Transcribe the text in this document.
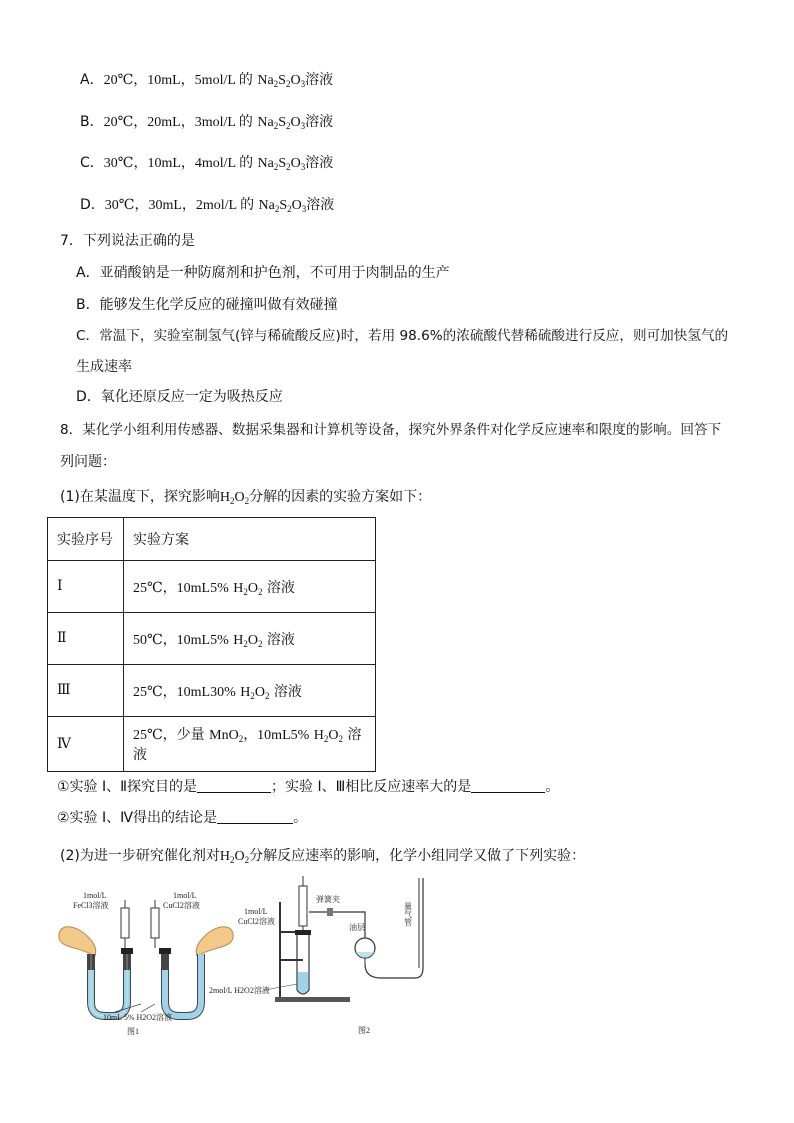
A．20℃，10mL，5mol/L 的 $Na_2S_2O_3$溶液
B．20℃，20mL，3mol/L 的 $Na_2S_2O_3$溶液
C．30℃，10mL，4mol/L 的 $Na_2S_2O_3$溶液
D．30℃，30mL，2mol/L 的 $Na_2S_2O_3$溶液
7．下列说法正确的是
A．亚硝酸钠是一种防腐剂和护色剂，不可用于肉制品的生产
B．能够发生化学反应的碰撞叫做有效碰撞
C．常温下，实验室制氢气(锌与稀硫酸反应)时，若用 98.6%的浓硫酸代替稀硫酸进行反应，则可加快氢气的
生成速率
D．氧化还原反应一定为吸热反应
8．某化学小组利用传感器、数据采集器和计算机等设备，探究外界条件对化学反应速率和限度的影响。回答下
列问题：
(1)在某温度下，探究影响$H_2O_2$分解的因素的实验方案如下：
实验序号	实验方案
Ⅰ	25℃，10mL5% $H_2O_2$ 溶液
Ⅱ	50℃，10mL5% $H_2O_2$ 溶液
Ⅲ	25℃，10mL30% $H_2O_2$ 溶液
Ⅳ	25℃，少量 MnO$_2$，10mL5% $H_2O_2$ 溶液
①实验 I、Ⅱ探究目的是	；实验 I、Ⅲ相比反应速率大的是	。
②实验 I、Ⅳ得出的结论是	。
(2)为进一步研究催化剂对$H_2O_2$分解反应速率的影响，化学小组同学又做了下列实验：
1mol/L
FeCl3溶液
1mol/L
CuCl2溶液
10mL 5% H2O2溶液
图1
弹簧夹
油层
量气管
1mol/L
CuCl2溶液
2mol/L H2O2溶液
图2
